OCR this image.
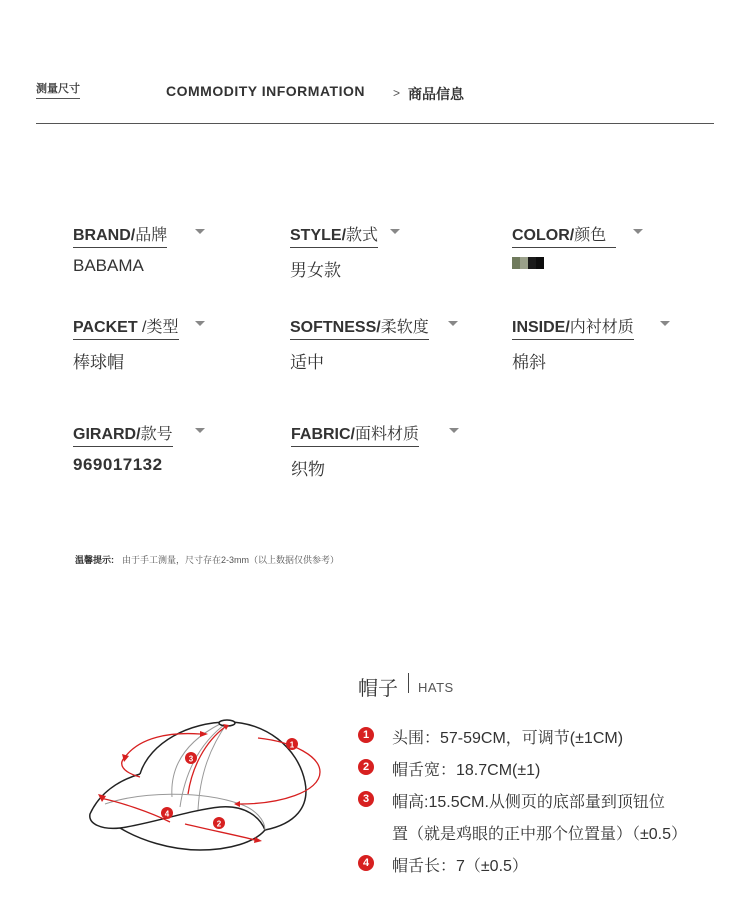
测量尺寸	COMMODITY INFORMATION > 商品信息
BRAND/品牌
BABAMA
STYLE/款式
男女款
COLOR/颜色
PACKET /类型
棒球帽
SOFTNESS/柔软度
适中
INSIDE/内衬材质
棉斜
GIRARD/款号
969017132
FABRIC/面料材质
织物
温馨提示: 由于手工测量，尺寸存在2-3mm（以上数据仅供参考）
帽子 HATS
1
2
3
4
1	头围：57-59CM，可调节(±1CM)
2	帽舌宽：18.7CM(±1)
3	帽高:15.5CM.从侧页的底部量到顶钮位
置（就是鸡眼的正中那个位置量）（±0.5）
4	帽舌长：7（±0.5）
